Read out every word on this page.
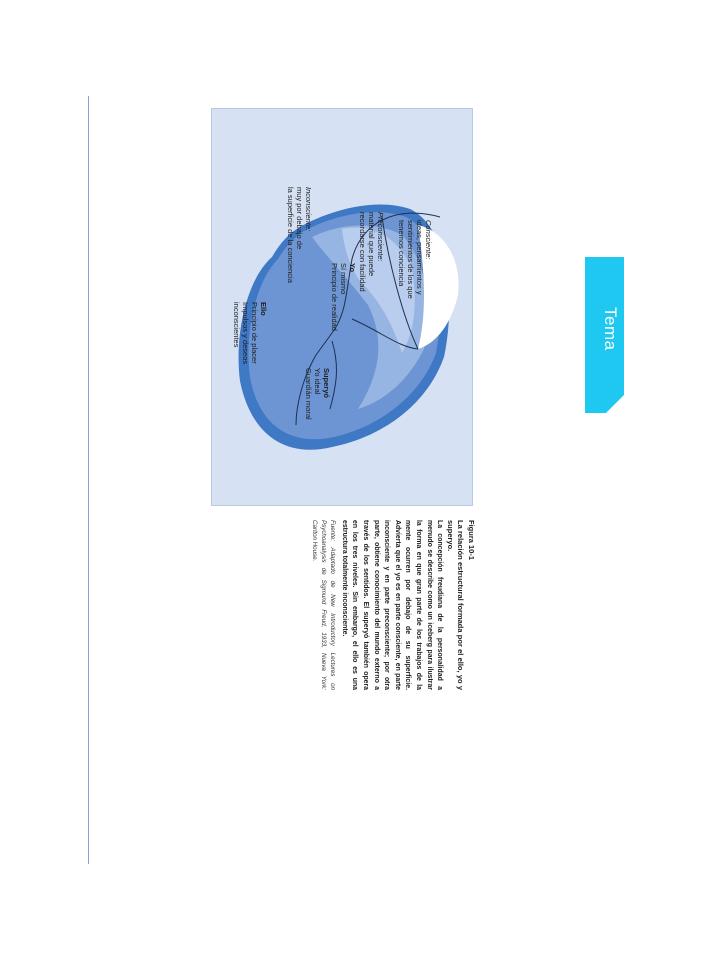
Consciente:
ideas, pensamientos y
sentimientos de los que
tenemos conciencia
Preconsciente:
material que puede
recordarse con facilidad
Yo
Sí mismo
Principio de realidad
Superyó
Yo ideal
Guardián moral
Inconsciente:
muy por debajo de
la superficie de la conciencia
Ello
Principio de placer
Impulsos y deseos
inconscientes
Figura 10-1
La relación estructural formada por el ello, yo y superyo.
La concepción freudiana de la personalidad a menudo se describe como un iceberg para ilustrar la forma en que gran parte de los trabajos de la mente ocurren por debajo de su superficie. Advierta que el yo es en parte consciente, en parte inconsciente y en parte preconsciente; por otra parte, obtiene conocimiento del mundo externo a través de los sentidos. El superyó también opera en los tres niveles. Sin embargo, el ello es una estructura totalmente inconsciente.
Fuente: Adaptado de New Introductory Lectures on Psychoanalysis de Sigmund Freud, 1933, Nueva York: Carlton House.
Tema
